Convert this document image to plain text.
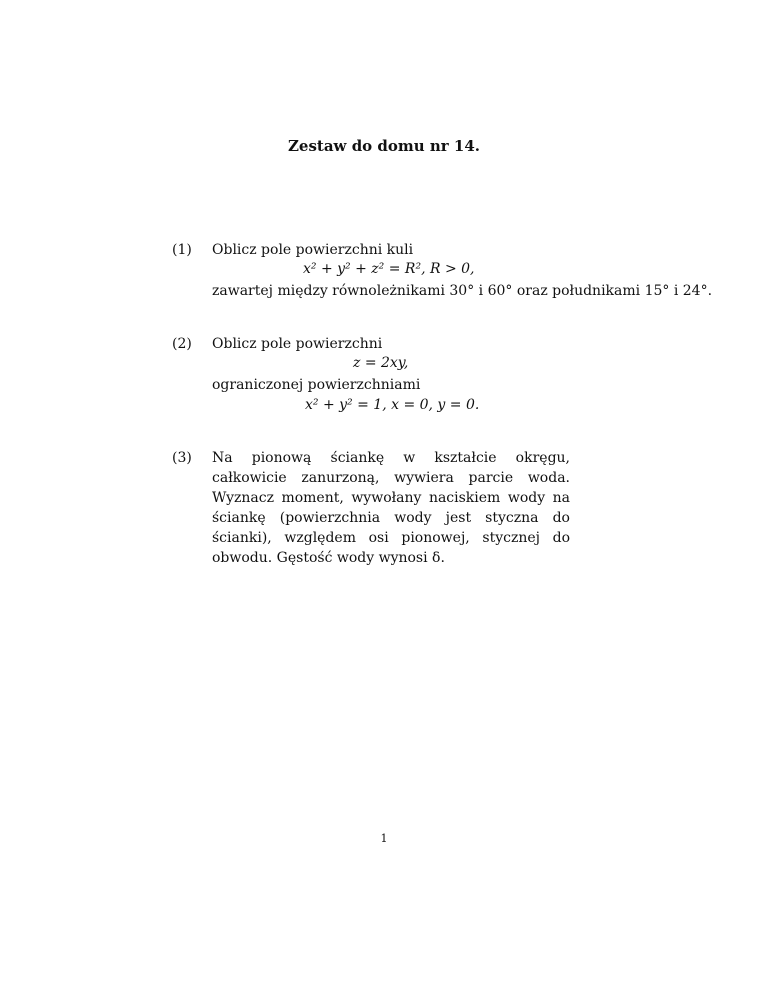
Zestaw do domu nr 14.
(1) Oblicz pole powierzchni kuli
x² + y² + z² = R², R > 0,
zawartej między równoleżnikami 30° i 60° oraz południkami 15° i 24°.
(2) Oblicz pole powierzchni
z = 2xy,
ograniczonej powierzchniami
x² + y² = 1, x = 0, y = 0.
(3) Na pionową ściankę w kształcie okręgu, całkowicie zanurzoną, wywiera parcie woda. Wyznacz moment, wywołany naciskiem wody na ściankę (powierzchnia wody jest styczna do ścianki), względem osi pionowej, stycznej do obwodu. Gęstość wody wynosi δ.
1
